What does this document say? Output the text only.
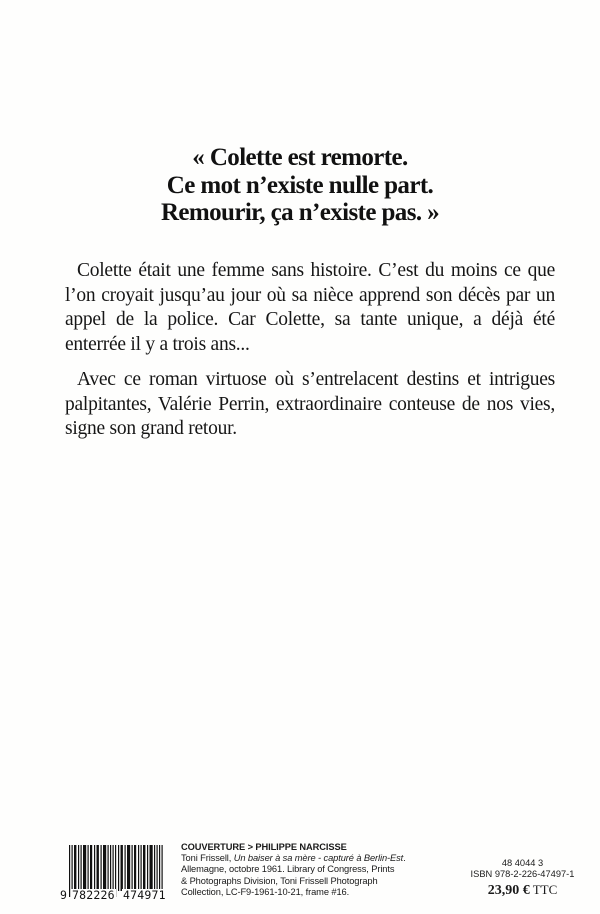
« Colette est remorte.
Ce mot n’existe nulle part.
Remourir, ça n’existe pas. »

Colette était une femme sans histoire. C’est du moins ce que l’on croyait jusqu’au jour où sa nièce apprend son décès par un appel de la police. Car Colette, sa tante unique, a déjà été enterrée il y a trois ans...

Avec ce roman virtuose où s’entrelacent destins et intrigues palpitantes, Valérie Perrin, extraordinaire conteuse de nos vies, signe son grand retour.

9 782226 474971
COUVERTURE > PHILIPPE NARCISSE
Toni Frissell, Un baiser à sa mère - capturé à Berlin-Est.
Allemagne, octobre 1961. Library of Congress, Prints
& Photographs Division, Toni Frissell Photograph
Collection, LC-F9-1961-10-21, frame #16.
48 4044 3
ISBN 978-2-226-47497-1
23,90 € TTC
